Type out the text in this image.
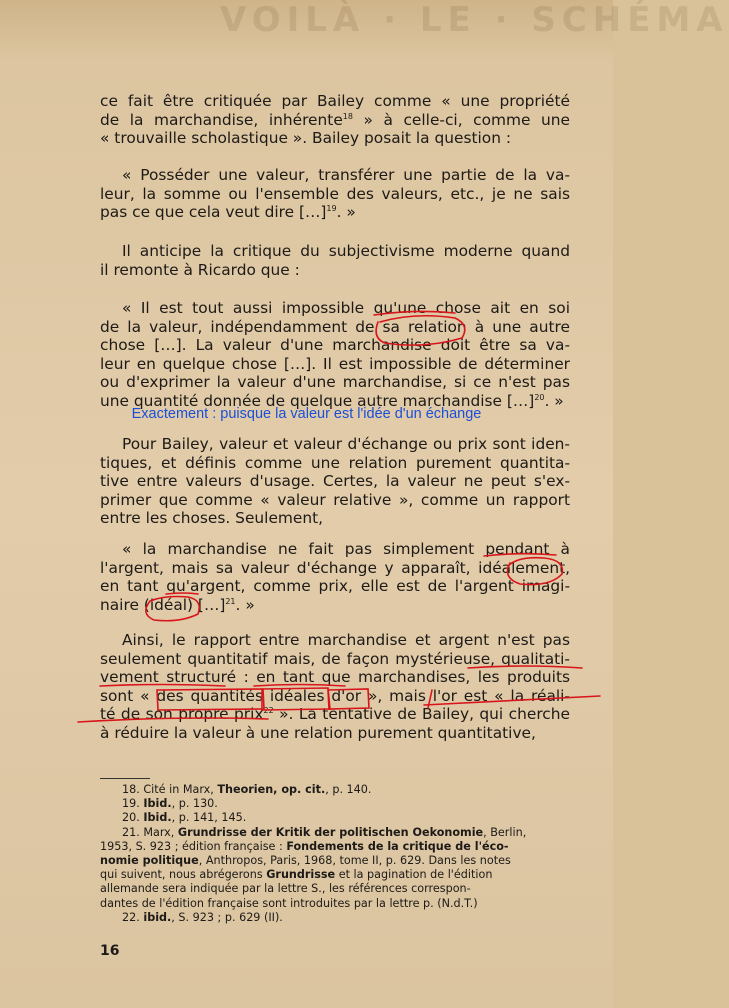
VOILÀ · LE · SCHÉMA
ce fait être critiquée par Bailey comme « une propriété
de la marchandise, inhérente$^{18}$ » à celle-ci, comme une
« trouvaille scholastique ». Bailey posait la question :
« Posséder une valeur, transférer une partie de la va-
leur, la somme ou l'ensemble des valeurs, etc., je ne sais
pas ce que cela veut dire […]$^{19}$. »
Il anticipe la critique du subjectivisme moderne quand
il remonte à Ricardo que :
« Il est tout aussi impossible qu'une chose ait en soi
de la valeur, indépendamment de sa relation à une autre
chose […]. La valeur d'une marchandise doit être sa va-
leur en quelque chose […]. Il est impossible de déterminer
ou d'exprimer la valeur d'une marchandise, si ce n'est pas
une quantité donnée de quelque autre marchandise […]$^{20}$. »
Exactement : puisque la valeur est l'idée d'un échange
Pour Bailey, valeur et valeur d'échange ou prix sont iden-
tiques, et définis comme une relation purement quantita-
tive entre valeurs d'usage. Certes, la valeur ne peut s'ex-
primer que comme « valeur relative », comme un rapport
entre les choses. Seulement,
« la marchandise ne fait pas simplement pendant à
l'argent, mais sa valeur d'échange y apparaît, idéalement,
en tant qu'argent, comme prix, elle est de l'argent imagi-
naire (idéal) […]$^{21}$. »
Ainsi, le rapport entre marchandise et argent n'est pas
seulement quantitatif mais, de façon mystérieuse, qualitati-
vement structuré : en tant que marchandises, les produits
sont « des quantités idéales d'or », mais l'or est « la réali-
té de son propre prix$^{22}$ ». La tentative de Bailey, qui cherche
à réduire la valeur à une relation purement quantitative,
18. Cité in Marx, Theorien, op. cit., p. 140.
19. Ibid., p. 130.
20. Ibid., p. 141, 145.
21. Marx, Grundrisse der Kritik der politischen Oekonomie, Berlin,
1953, S. 923 ; édition française : Fondements de la critique de l'éco-
nomie politique, Anthropos, Paris, 1968, tome II, p. 629. Dans les notes
qui suivent, nous abrégerons Grundrisse et la pagination de l'édition
allemande sera indiquée par la lettre S., les références correspon-
dantes de l'édition française sont introduites par la lettre p. (N.d.T.)
22. ibid., S. 923 ; p. 629 (II).
16
